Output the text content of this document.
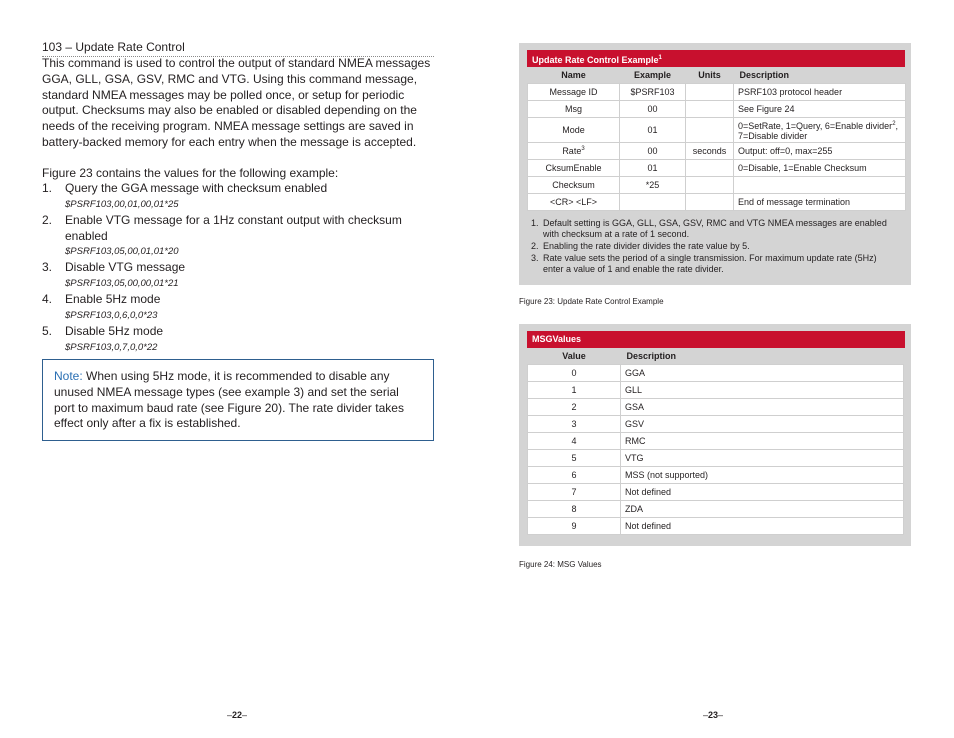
103 – Update Rate Control
This command is used to control the output of standard NMEA messages GGA, GLL, GSA, GSV, RMC and VTG. Using this command message, standard NMEA messages may be polled once, or setup for periodic output. Checksums may also be enabled or disabled depending on the needs of the receiving program. NMEA message settings are saved in battery-backed memory for each entry when the message is accepted.
Figure 23 contains the values for the following example:
1. Query the GGA message with checksum enabled
$PSRF103,00,01,00,01*25
2. Enable VTG message for a 1Hz constant output with checksum enabled
$PSRF103,05,00,01,01*20
3. Disable VTG message
$PSRF103,05,00,00,01*21
4. Enable 5Hz mode
$PSRF103,0,6,0,0*23
5. Disable 5Hz mode
$PSRF103,0,7,0,0*22
Note: When using 5Hz mode, it is recommended to disable any unused NMEA message types (see example 3) and set the serial port to maximum baud rate (see Figure 20). The rate divider takes effect only after a fix is established.
–22–
Update Rate Control Example$^1$
Name	Example	Units	Description
Message ID	$PSRF103		PSRF103 protocol header
Msg	00		See Figure 24
Mode	01		0=SetRate, 1=Query, 6=Enable divider$^2$, 7=Disable divider
Rate$^3$	00	seconds	Output: off=0, max=255
CksumEnable	01		0=Disable, 1=Enable Checksum
Checksum	*25		
<CR> <LF>			End of message termination
1. Default setting is GGA, GLL, GSA, GSV, RMC and VTG NMEA messages are enabled with checksum at a rate of 1 second.
2. Enabling the rate divider divides the rate value by 5.
3. Rate value sets the period of a single transmission. For maximum update rate (5Hz) enter a value of 1 and enable the rate divider.
Figure 23: Update Rate Control Example
MSGValues
Value	Description
0	GGA
1	GLL
2	GSA
3	GSV
4	RMC
5	VTG
6	MSS (not supported)
7	Not defined
8	ZDA
9	Not defined
Figure 24: MSG Values
–23–
